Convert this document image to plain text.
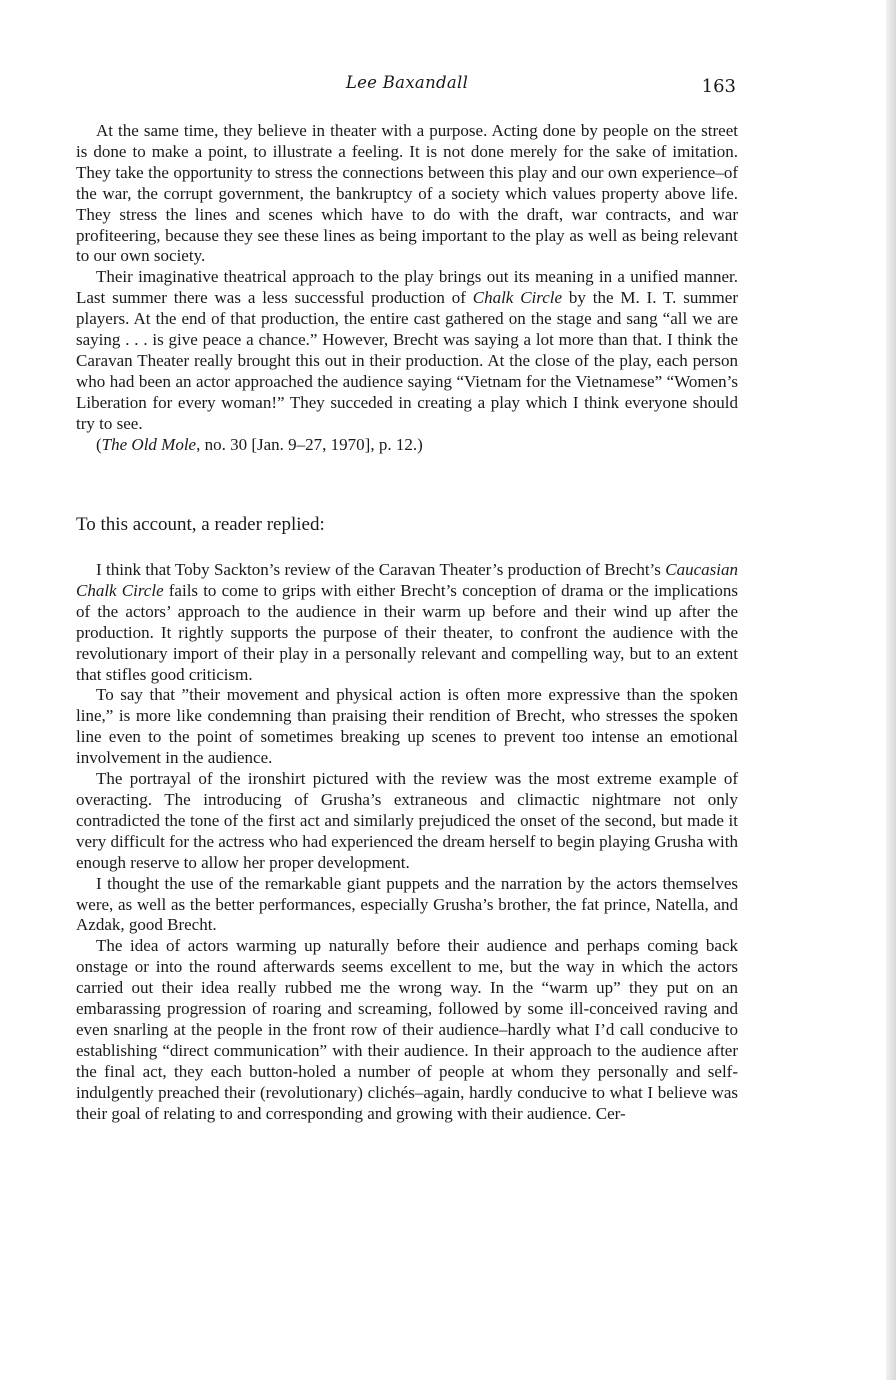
Lee Baxandall	163

At the same time, they believe in theater with a purpose. Acting done by people on the street is done to make a point, to illustrate a feeling. It is not done merely for the sake of imitation. They take the opportunity to stress the connections between this play and our own experience–of the war, the corrupt government, the bankruptcy of a society which values property above life. They stress the lines and scenes which have to do with the draft, war contracts, and war profiteering, because they see these lines as being important to the play as well as being relevant to our own society.

Their imaginative theatrical approach to the play brings out its meaning in a unified manner. Last summer there was a less successful production of Chalk Circle by the M. I. T. summer players. At the end of that production, the entire cast gathered on the stage and sang “all we are saying . . . is give peace a chance.” However, Brecht was saying a lot more than that. I think the Caravan Theater really brought this out in their production. At the close of the play, each person who had been an actor approached the audience saying “Vietnam for the Vietnamese” “Women’s Liberation for every woman!” They succeded in creating a play which I think everyone should try to see.

(The Old Mole, no. 30 [Jan. 9–27, 1970], p. 12.)

To this account, a reader replied:

I think that Toby Sackton’s review of the Caravan Theater’s production of Brecht’s Caucasian Chalk Circle fails to come to grips with either Brecht’s conception of drama or the implications of the actors’ approach to the audience in their warm up before and their wind up after the production. It rightly supports the purpose of their theater, to confront the audience with the revolutionary import of their play in a personally relevant and compelling way, but to an extent that stifles good criticism.

To say that ”their movement and physical action is often more expressive than the spoken line,” is more like condemning than praising their rendition of Brecht, who stresses the spoken line even to the point of sometimes breaking up scenes to prevent too intense an emotional involvement in the audience.

The portrayal of the ironshirt pictured with the review was the most extreme example of overacting. The introducing of Grusha’s extraneous and climactic nightmare not only contradicted the tone of the first act and similarly prejudiced the onset of the second, but made it very difficult for the actress who had experienced the dream herself to begin playing Grusha with enough reserve to allow her proper development.

I thought the use of the remarkable giant puppets and the narration by the actors themselves were, as well as the better performances, especially Grusha’s brother, the fat prince, Natella, and Azdak, good Brecht.

The idea of actors warming up naturally before their audience and perhaps coming back onstage or into the round afterwards seems excellent to me, but the way in which the actors carried out their idea really rubbed me the wrong way. In the “warm up” they put on an embarassing progression of roaring and screaming, followed by some ill-conceived raving and even snarling at the people in the front row of their audience–hardly what I’d call conducive to establishing “direct communication” with their audience. In their approach to the audience after the final act, they each button-holed a number of people at whom they personally and self-indulgently preached their (revolutionary) clichés–again, hardly conducive to what I believe was their goal of relating to and corresponding and growing with their audience. Cer-
